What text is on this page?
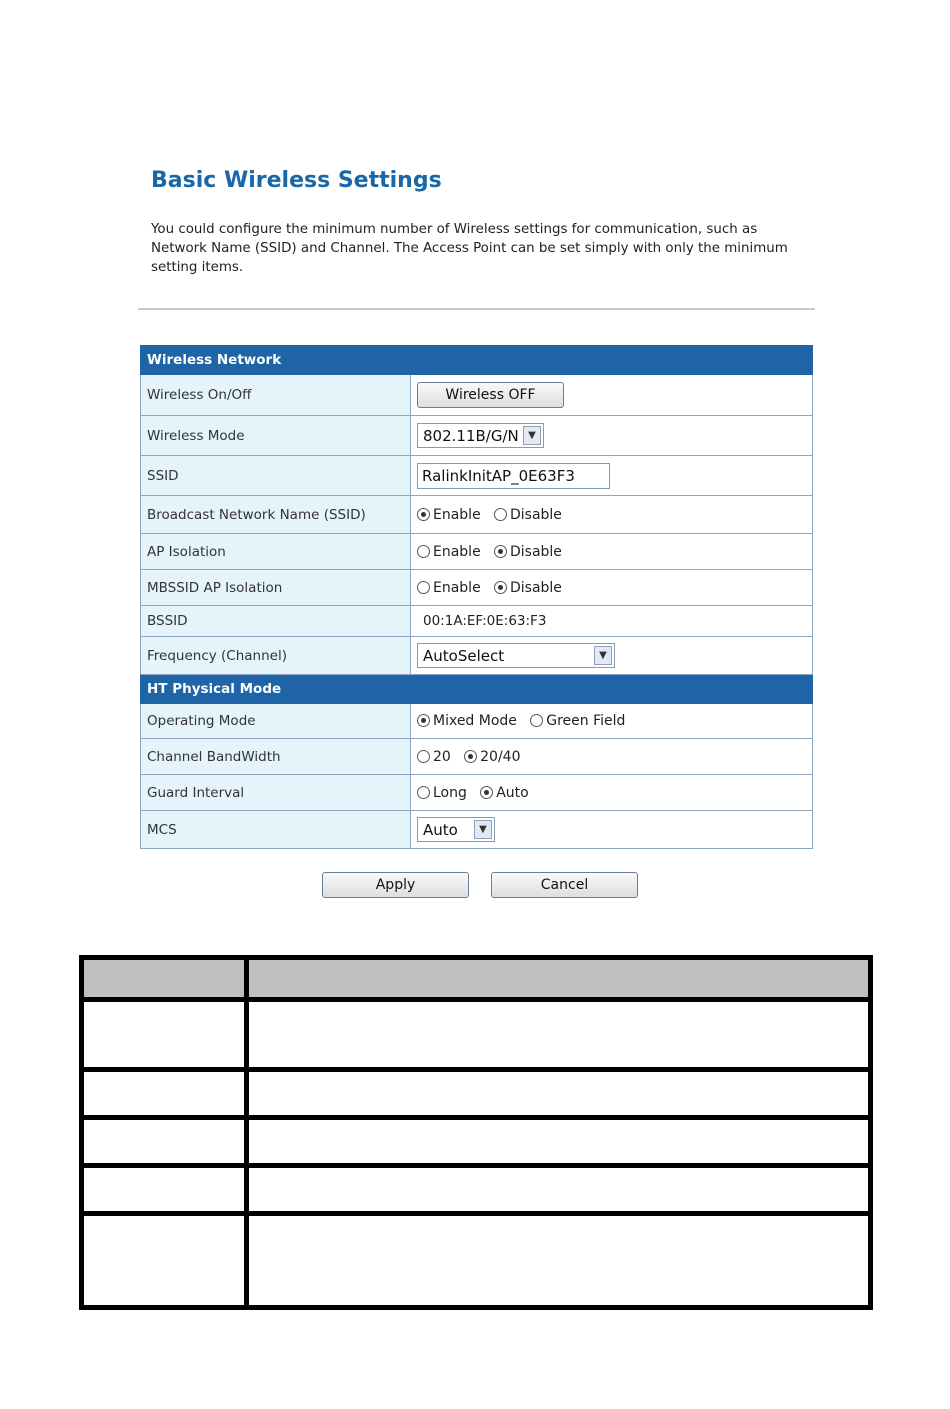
Basic Wireless Settings
You could configure the minimum number of Wireless settings for communication, such as Network Name (SSID) and Channel. The Access Point can be set simply with only the minimum setting items.
Wireless Network	
Wireless On/Off	Wireless OFF
Wireless Mode	802.11B/G/N ▼

SSID	RalinkInitAP_0E63F3
Broadcast Network Name (SSID)	Enable Disable
AP Isolation	Enable Disable
MBSSID AP Isolation	Enable Disable
BSSID	00:1A:EF:0E:63:F3
Frequency (Channel)	AutoSelect ▼

HT Physical Mode	
Operating Mode	Mixed Mode Green Field
Channel BandWidth	20 20/40
Guard Interval	Long Auto
MCS	Auto ▼
Apply	Cancel
